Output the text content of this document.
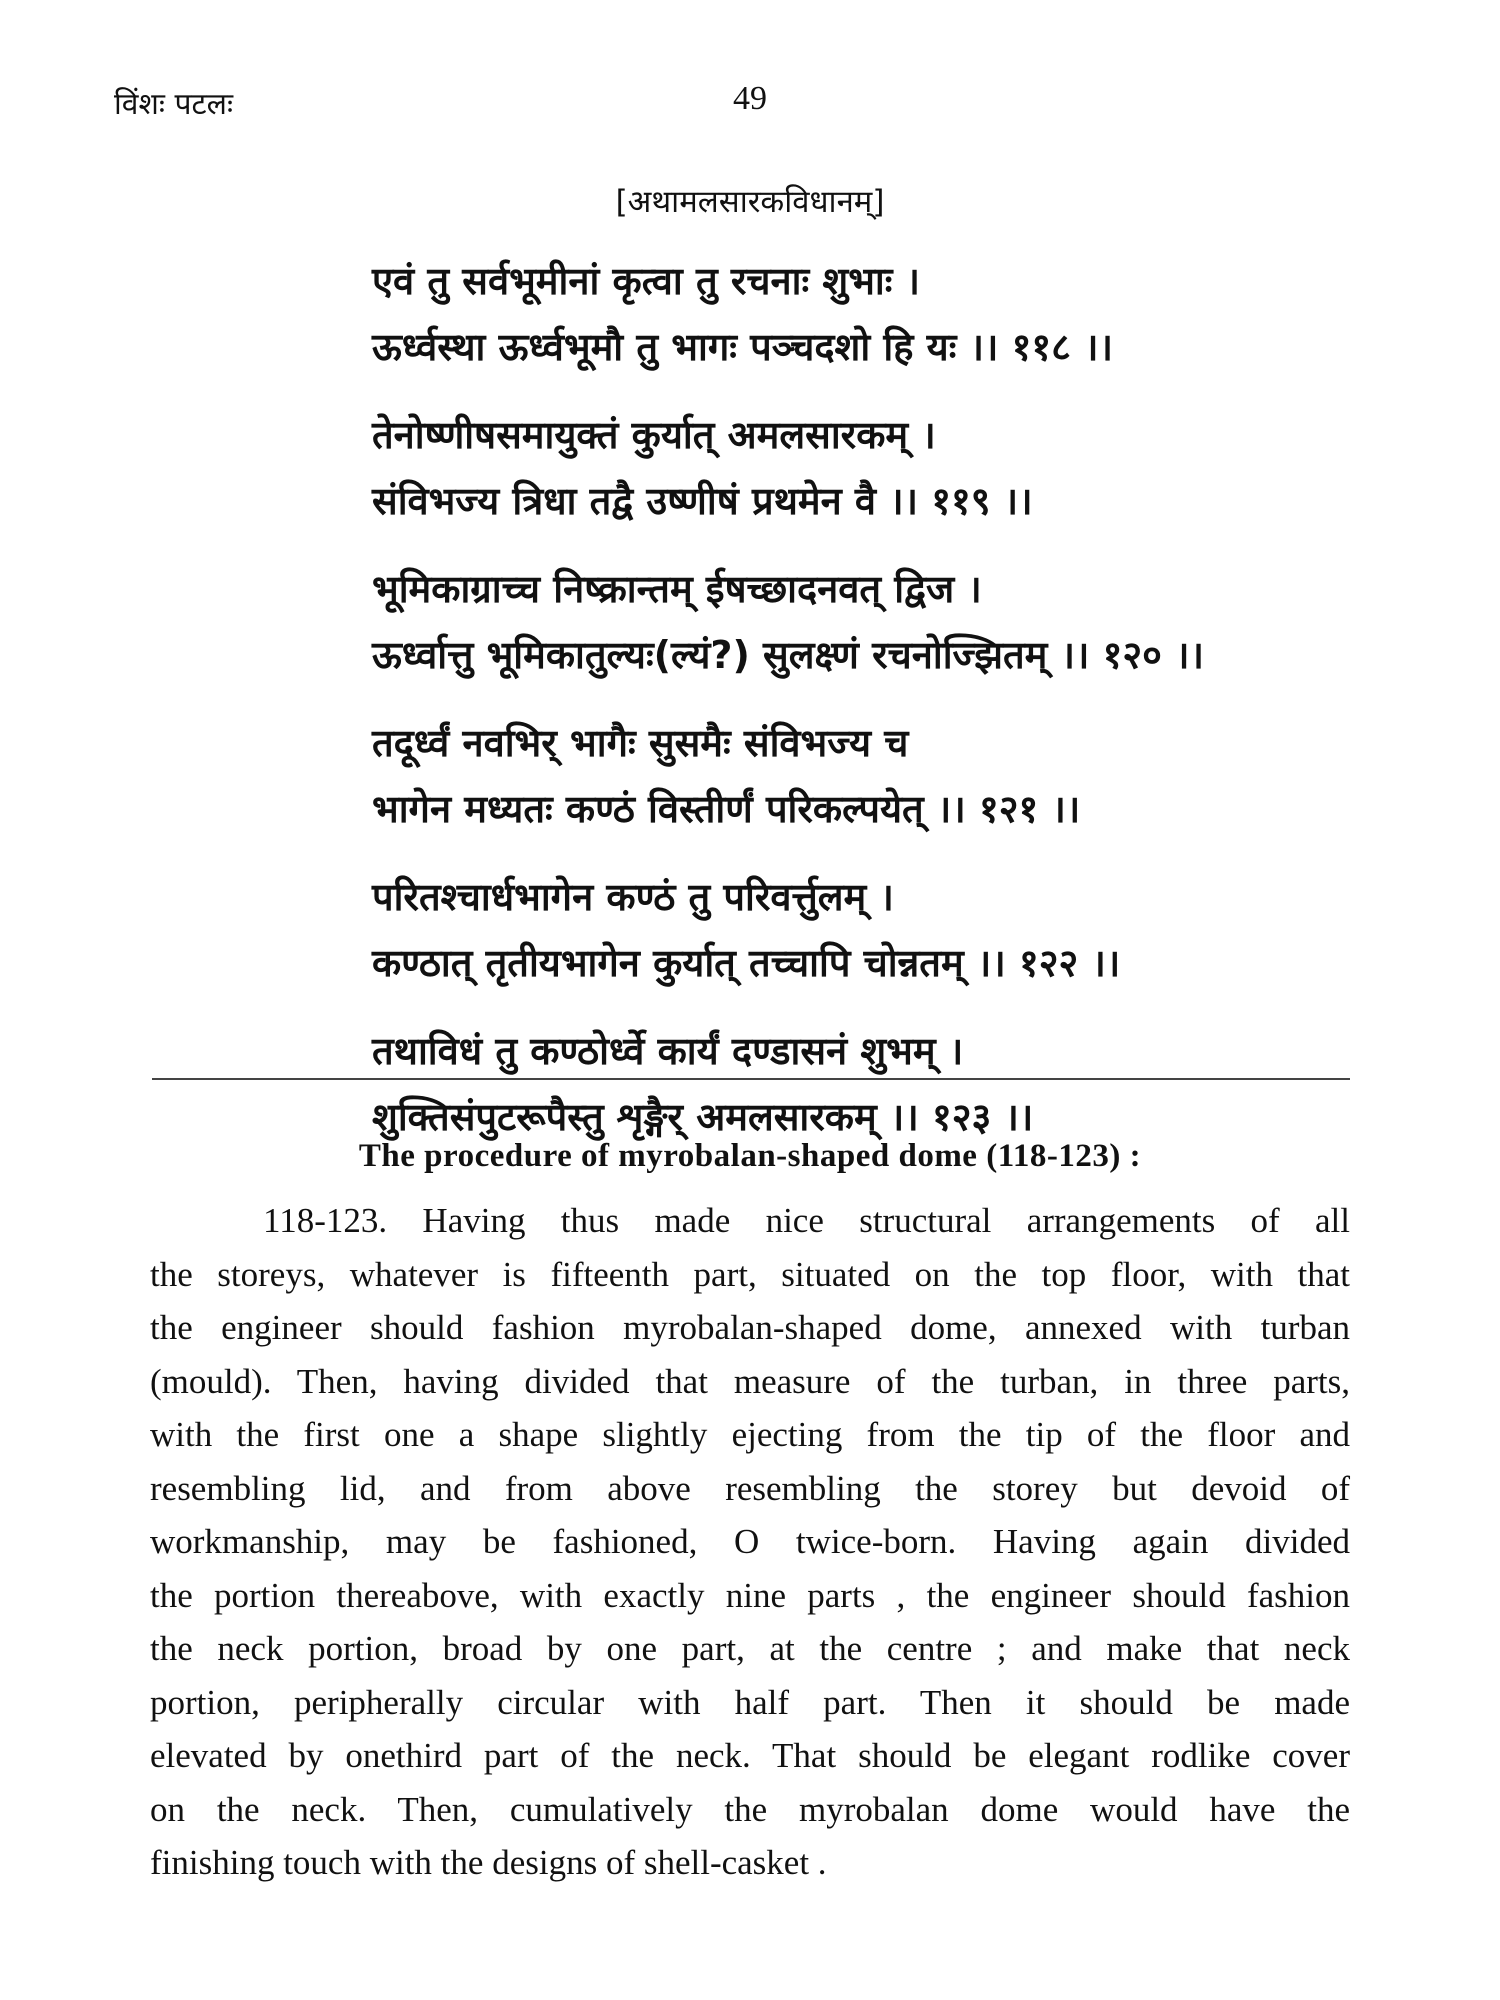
विंशः पटलः	49
[अथामलसारकविधानम्]
एवं तु सर्वभूमीनां कृत्वा तु रचनाः शुभाः ।
ऊर्ध्वस्था ऊर्ध्वभूमौ तु भागः पञ्चदशो हि यः ।। ११८ ।।
तेनोष्णीषसमायुक्तं कुर्यात् अमलसारकम् ।
संविभज्य त्रिधा तद्वै उष्णीषं प्रथमेन वै ।। ११९ ।।
भूमिकाग्राच्च निष्क्रान्तम् ईषच्छादनवत् द्विज ।
ऊर्ध्वात्तु भूमिकातुल्यः(ल्यं?) सुलक्ष्णं रचनोज्झितम् ।। १२० ।।
तदूर्ध्वं नवभिर् भागैः सुसमैः संविभज्य च
भागेन मध्यतः कण्ठं विस्तीर्णं परिकल्पयेत् ।। १२१ ।।
परितश्चार्धभागेन कण्ठं तु परिवर्त्तुलम् ।
कण्ठात् तृतीयभागेन कुर्यात् तच्चापि चोन्नतम् ।। १२२ ।।
तथाविधं तु कण्ठोर्ध्वे कार्यं दण्डासनं शुभम् ।
शुक्तिसंपुटरूपैस्तु शृङ्गैर् अमलसारकम् ।। १२३ ।।
The procedure of myrobalan-shaped dome (118-123) :
118-123. Having thus made nice structural arrangements of all
the storeys, whatever is fifteenth part, situated on the top floor, with that
the engineer should fashion myrobalan-shaped dome, annexed with turban
(mould). Then, having divided that measure of the turban, in three parts,
with the first one a shape slightly ejecting from the tip of the floor and
resembling lid, and from above resembling the storey but devoid of
workmanship, may be fashioned, O twice-born. Having again divided
the portion thereabove, with exactly nine parts , the engineer should fashion
the neck portion, broad by one part, at the centre ; and make that neck
portion, peripherally circular with half part. Then it should be made
elevated by onethird part of the neck. That should be elegant rodlike cover
on the neck. Then, cumulatively the myrobalan dome would have the
finishing touch with the designs of shell-casket .
